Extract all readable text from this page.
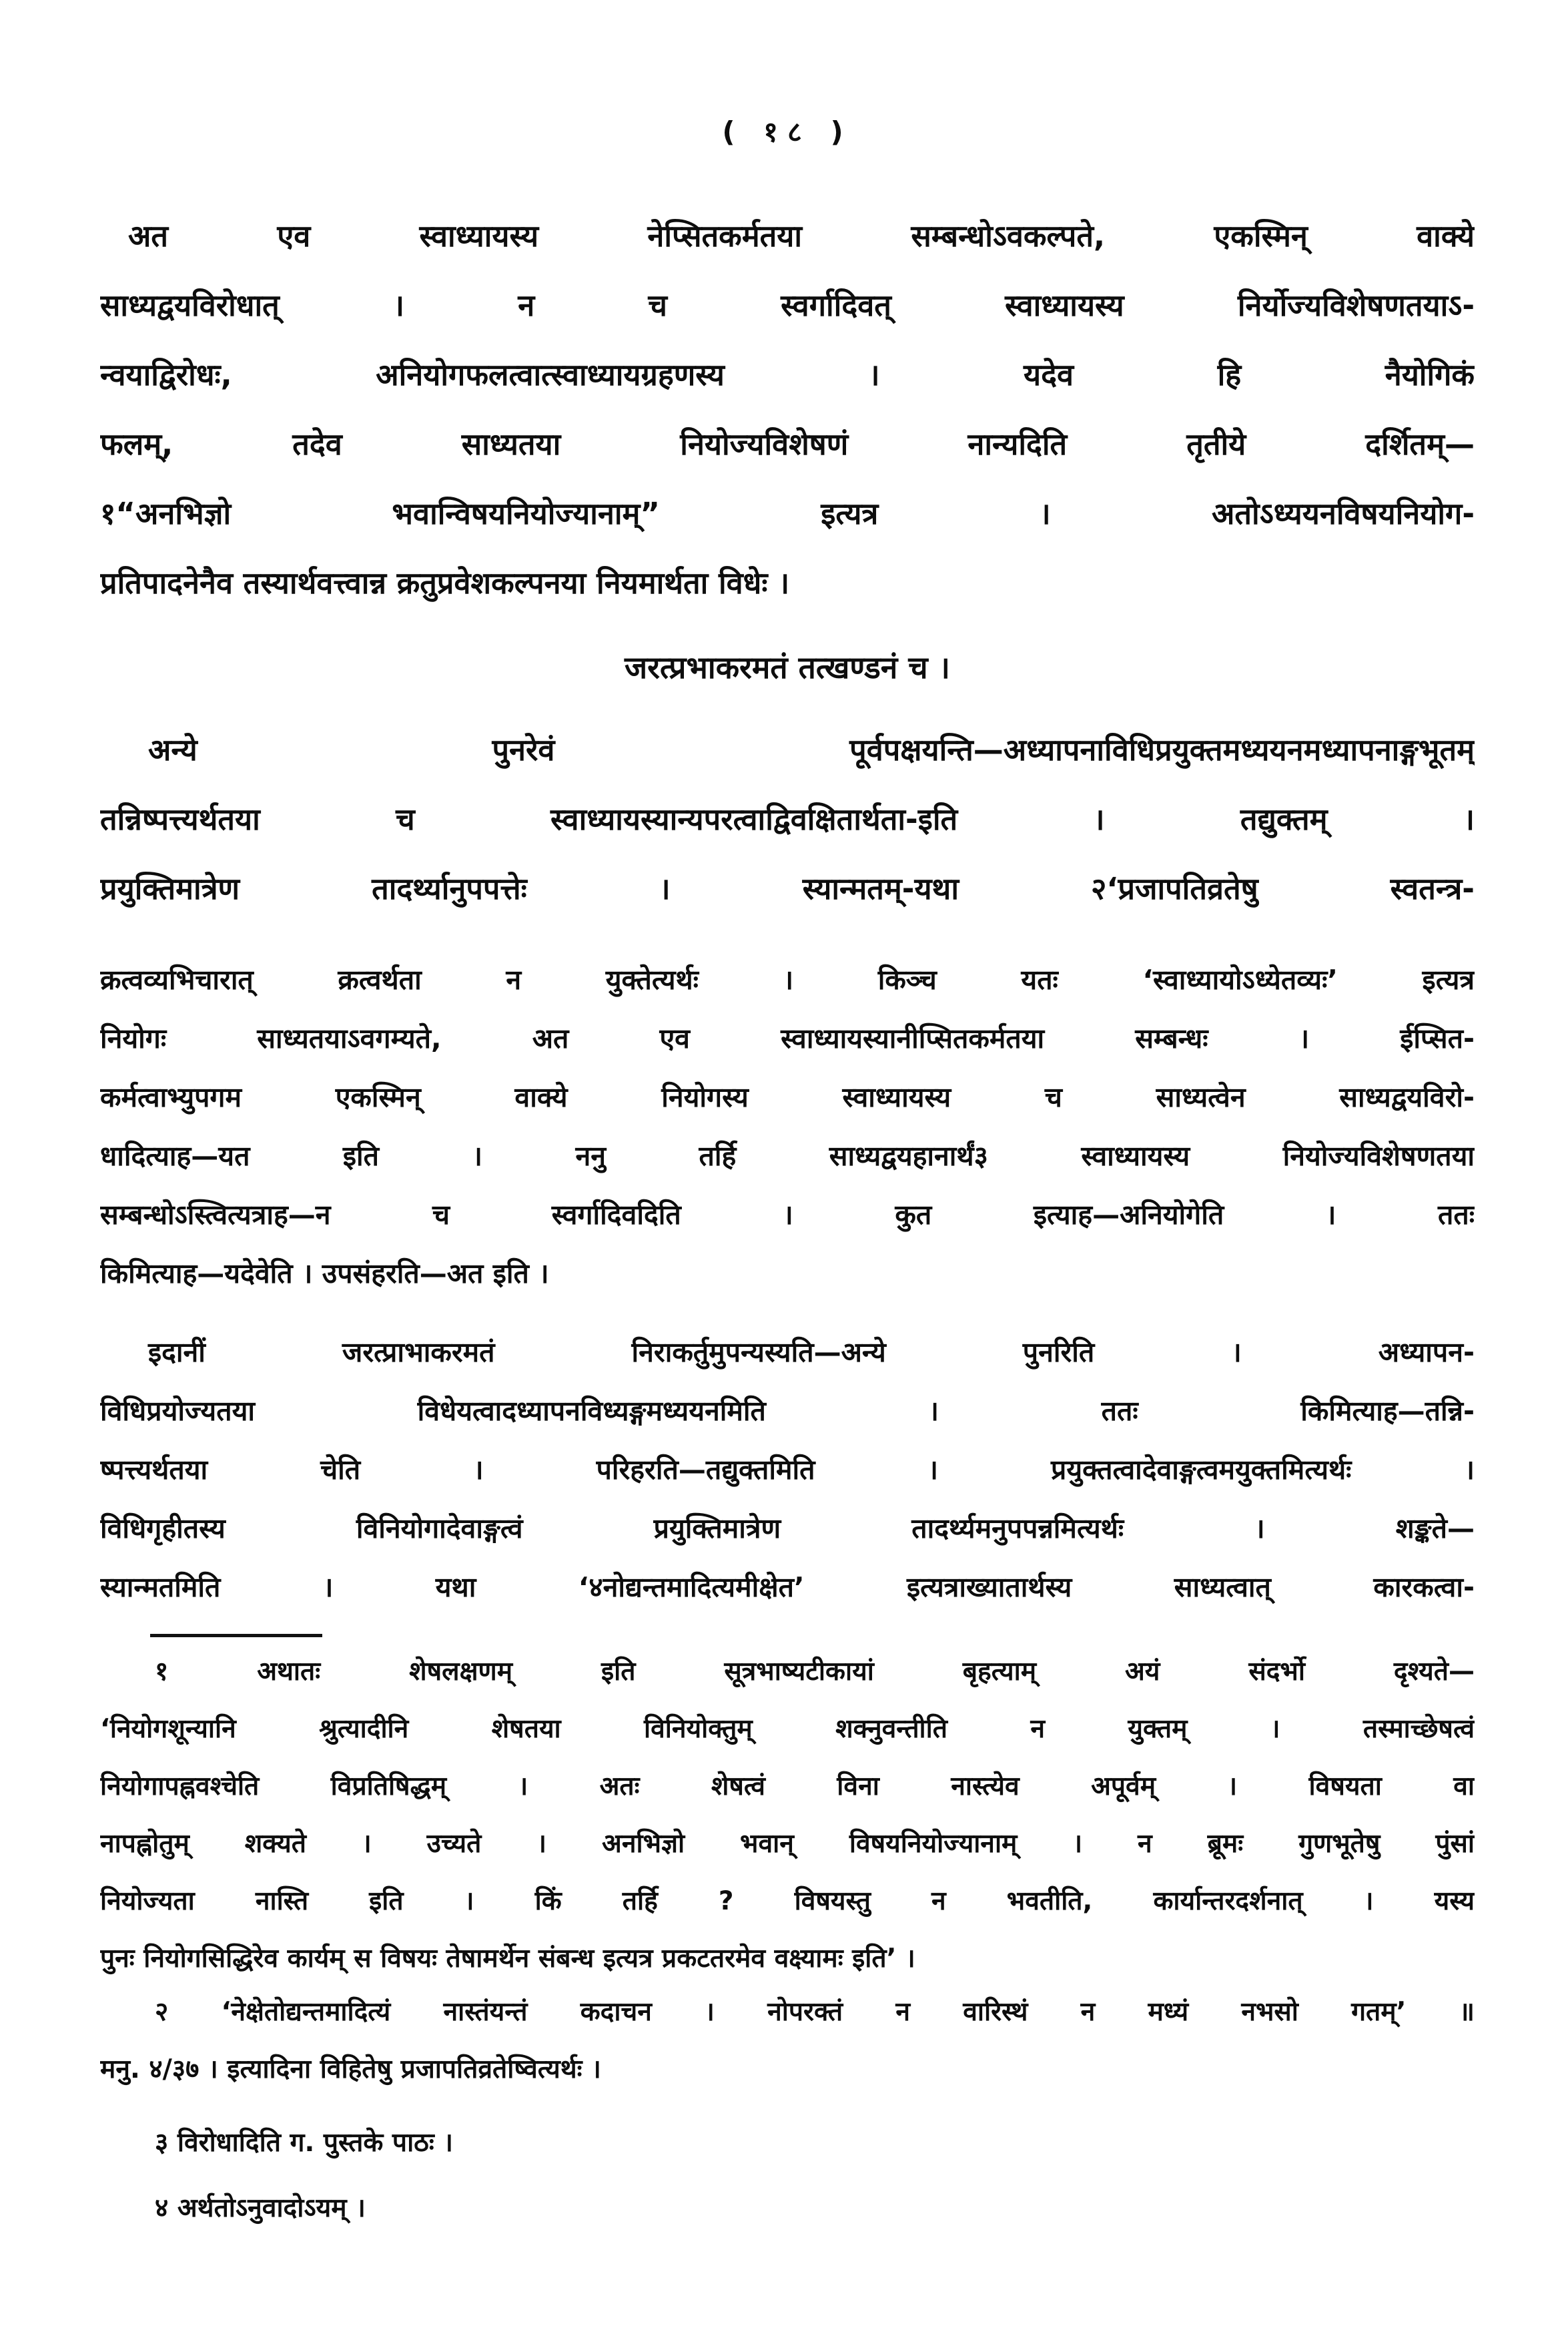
( १८ )
अत एव स्वाध्यायस्य नेप्सितकर्मतया सम्बन्धोऽवकल्पते, एकस्मिन् वाक्ये
साध्यद्वयविरोधात् । न च स्वर्गादिवत् स्वाध्यायस्य निर्योज्यविशेषणतयाऽ-
न्वयाद्विरोधः, अनियोगफलत्वात्स्वाध्यायग्रहणस्य । यदेव हि नैयोगिकं
फलम्, तदेव साध्यतया नियोज्यविशेषणं नान्यदिति तृतीये दर्शितम्—
१“अनभिज्ञो भवान्विषयनियोज्यानाम्” इत्यत्र । अतोऽध्ययनविषयनियोग-
प्रतिपादनेनैव तस्यार्थवत्त्वान्न क्रतुप्रवेशकल्पनया नियमार्थता विधेः ।
जरत्प्रभाकरमतं तत्खण्डनं च ।
अन्ये पुनरेवं पूर्वपक्षयन्ति—अध्यापनाविधिप्रयुक्तमध्ययनमध्यापनाङ्गभूतम्
तन्निष्पत्त्यर्थतया च स्वाध्यायस्यान्यपरत्वाद्विवक्षितार्थता-इति । तद्युक्तम् ।
प्रयुक्तिमात्रेण तादर्थ्यानुपपत्तेः । स्यान्मतम्-यथा २‘प्रजापतिव्रतेषु स्वतन्त्र-
क्रत्वव्यभिचारात् क्रत्वर्थता न युक्तेत्यर्थः । किञ्च यतः ‘स्वाध्यायोऽध्येतव्यः’ इत्यत्र
नियोगः साध्यतयाऽवगम्यते, अत एव स्वाध्यायस्यानीप्सितकर्मतया सम्बन्धः । ईप्सित-
कर्मत्वाभ्युपगम एकस्मिन् वाक्ये नियोगस्य स्वाध्यायस्य च साध्यत्वेन साध्यद्वयविरो-
धादित्याह—यत इति । ननु तर्हि साध्यद्वयहानार्थं३ स्वाध्यायस्य नियोज्यविशेषणतया
सम्बन्धोऽस्त्वित्यत्राह—न च स्वर्गादिवदिति । कुत इत्याह—अनियोगेति । ततः
किमित्याह—यदेवेति । उपसंहरति—अत इति ।
इदानीं जरत्प्राभाकरमतं निराकर्तुमुपन्यस्यति—अन्ये पुनरिति । अध्यापन-
विधिप्रयोज्यतया विधेयत्वादध्यापनविध्यङ्गमध्ययनमिति । ततः किमित्याह—तन्नि-
ष्पत्त्यर्थतया चेति । परिहरति—तद्युक्तमिति । प्रयुक्तत्वादेवाङ्गत्वमयुक्तमित्यर्थः ।
विधिगृहीतस्य विनियोगादेवाङ्गत्वं प्रयुक्तिमात्रेण तादर्थ्यमनुपपन्नमित्यर्थः । शङ्कते—
स्यान्मतमिति । यथा ‘४नोद्यन्तमादित्यमीक्षेत’ इत्यत्राख्यातार्थस्य साध्यत्वात् कारकत्वा-
१ अथातः शेषलक्षणम् इति सूत्रभाष्यटीकायां बृहत्याम् अयं संदर्भो दृश्यते—
‘नियोगशून्यानि श्रुत्यादीनि शेषतया विनियोक्तुम् शक्नुवन्तीति न युक्तम् । तस्माच्छेषत्वं
नियोगापह्नवश्चेति विप्रतिषिद्धम् । अतः शेषत्वं विना नास्त्येव अपूर्वम् । विषयता वा
नापह्नोतुम् शक्यते । उच्यते । अनभिज्ञो भवान् विषयनियोज्यानाम् । न ब्रूमः गुणभूतेषु पुंसां
नियोज्यता नास्ति इति । किं तर्हि ? विषयस्तु न भवतीति, कार्यान्तरदर्शनात् । यस्य
पुनः नियोगसिद्धिरेव कार्यम् स विषयः तेषामर्थेन संबन्ध इत्यत्र प्रकटतरमेव वक्ष्यामः इति’ ।
२ ‘नेक्षेतोद्यन्तमादित्यं नास्तंयन्तं कदाचन । नोपरक्तं न वारिस्थं न मध्यं नभसो गतम्’ ॥
मनु. ४/३७ । इत्यादिना विहितेषु प्रजापतिव्रतेष्वित्यर्थः ।
३ विरोधादिति ग. पुस्तके पाठः ।
४ अर्थतोऽनुवादोऽयम् ।
